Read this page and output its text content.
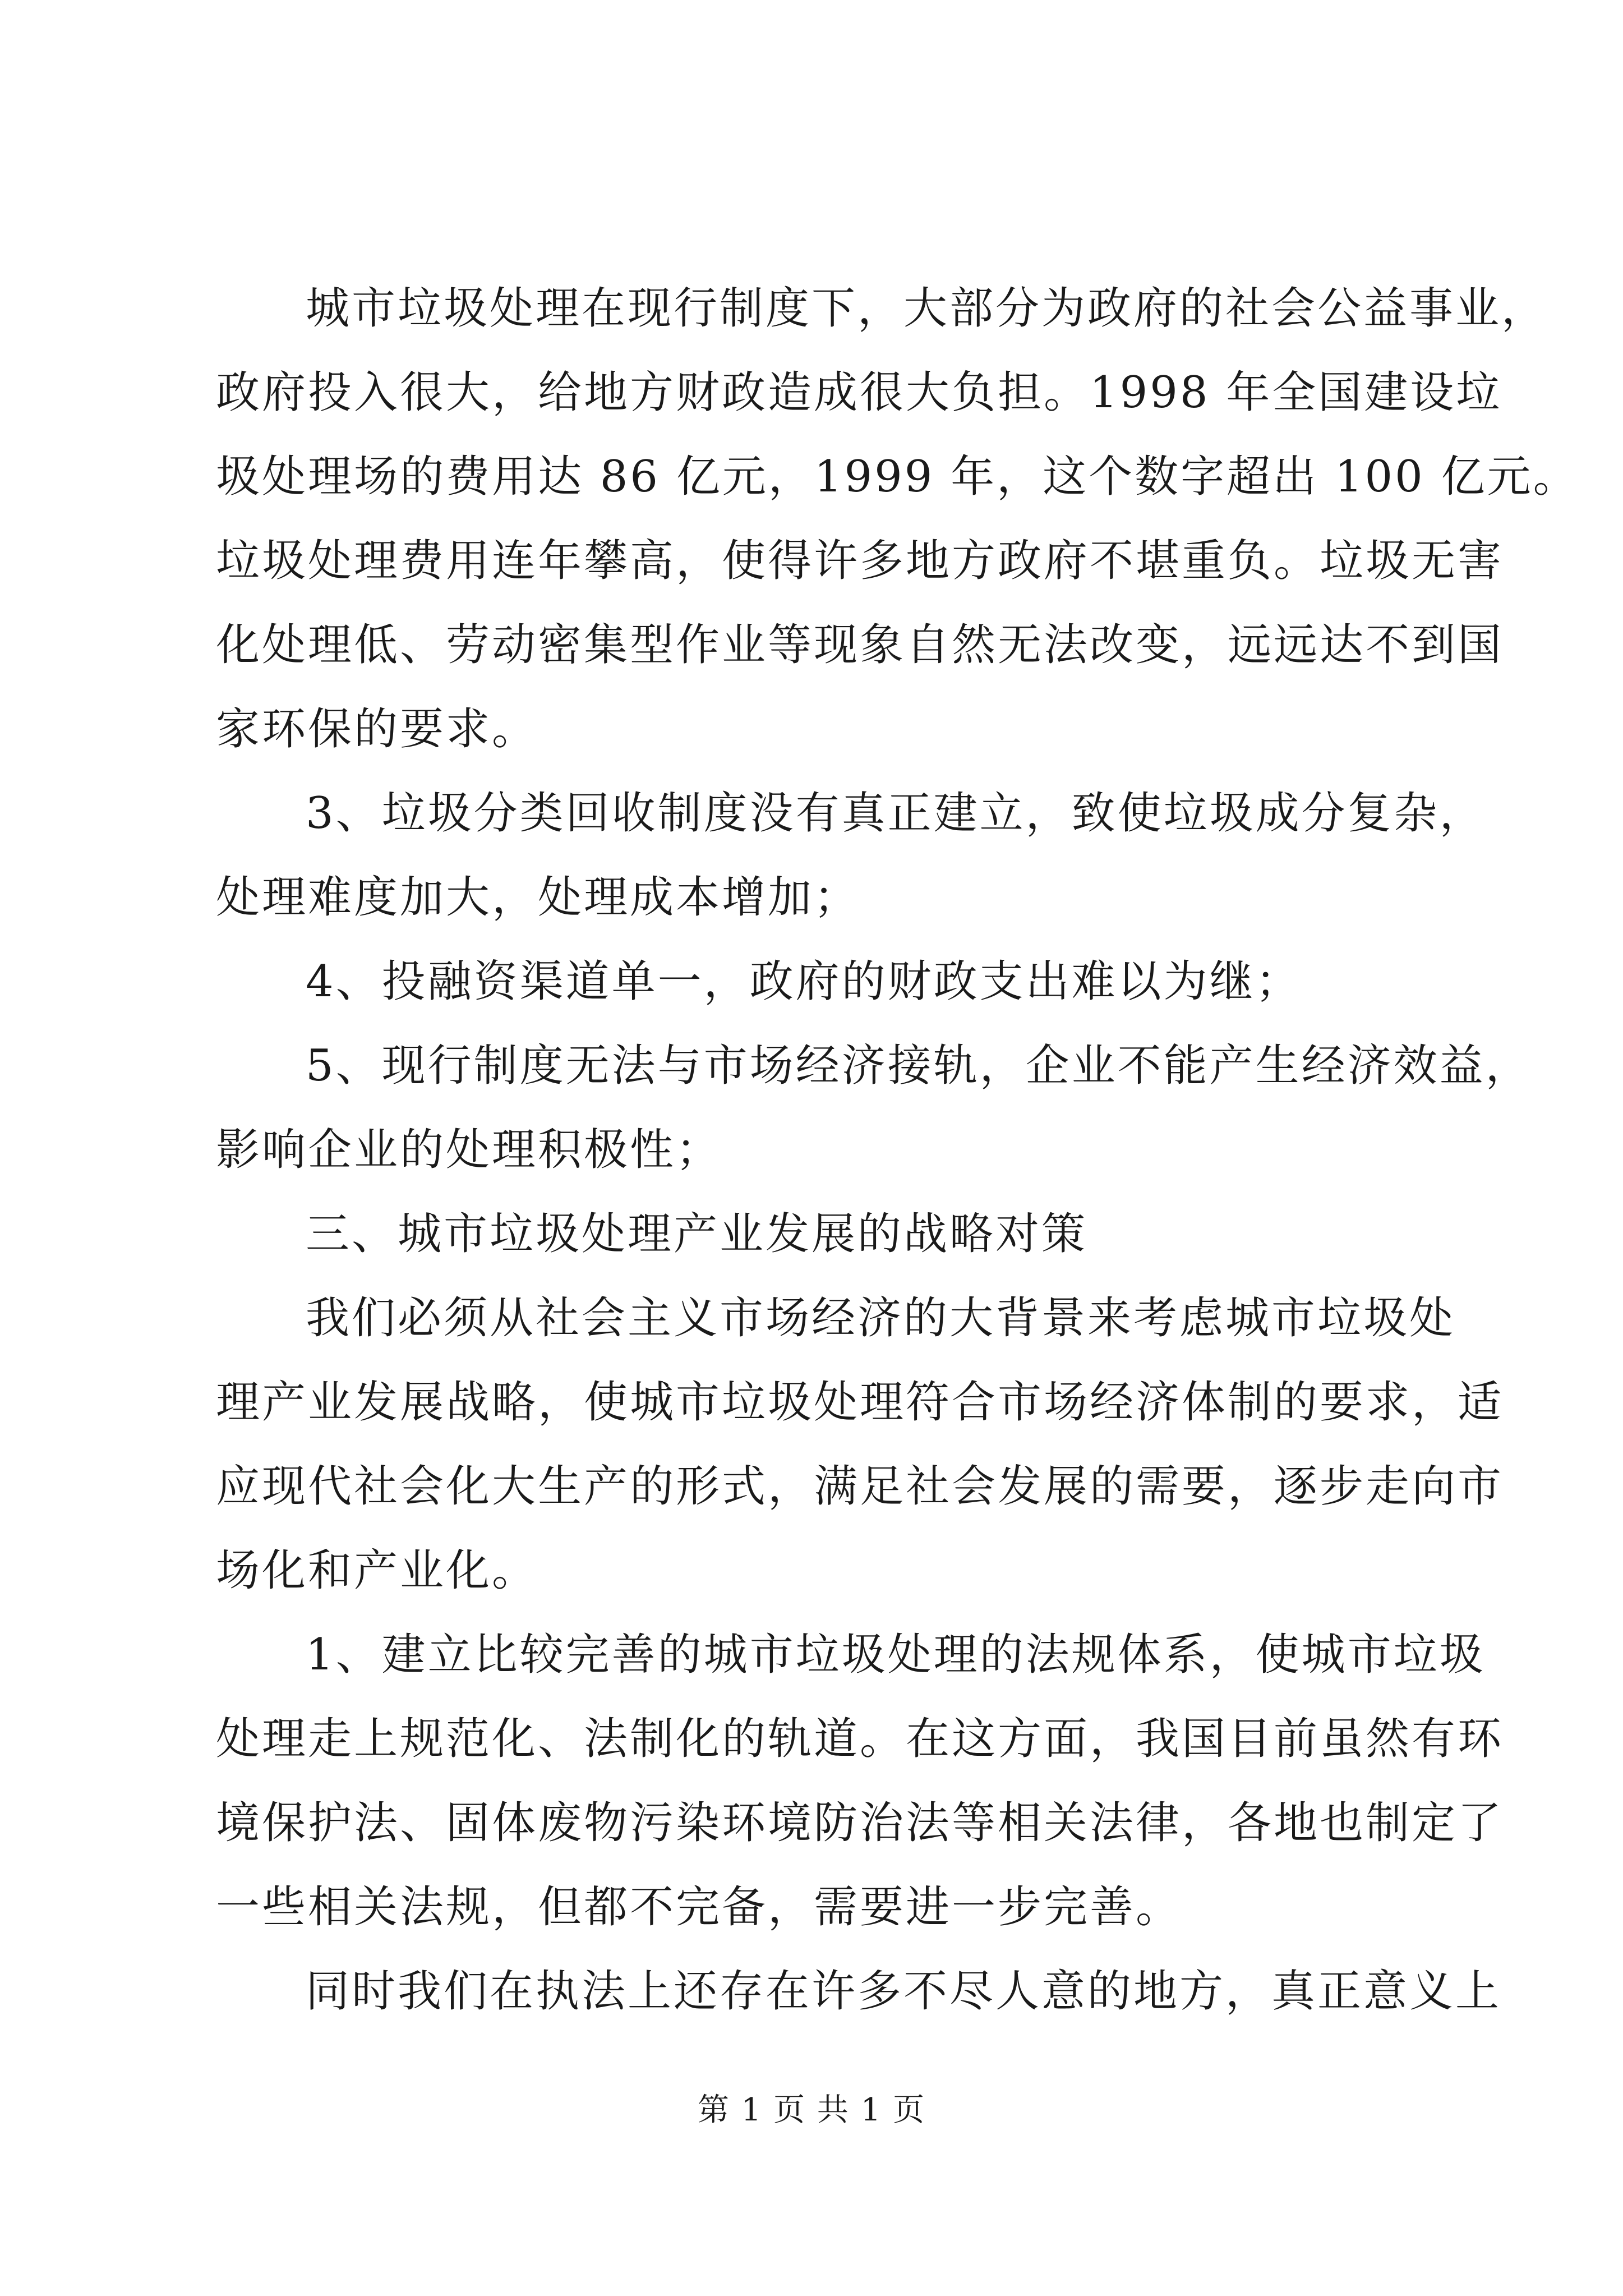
城市垃圾处理在现行制度下，大部分为政府的社会公益事业，
政府投入很大，给地方财政造成很大负担。1998 年全国建设垃
圾处理场的费用达 86 亿元，1999 年，这个数字超出 100 亿元。
垃圾处理费用连年攀高，使得许多地方政府不堪重负。垃圾无害
化处理低、劳动密集型作业等现象自然无法改变，远远达不到国
家环保的要求。
3、垃圾分类回收制度没有真正建立，致使垃圾成分复杂，
处理难度加大，处理成本增加；
4、投融资渠道单一，政府的财政支出难以为继；
5、现行制度无法与市场经济接轨，企业不能产生经济效益，
影响企业的处理积极性；
三、城市垃圾处理产业发展的战略对策
我们必须从社会主义市场经济的大背景来考虑城市垃圾处
理产业发展战略，使城市垃圾处理符合市场经济体制的要求，适
应现代社会化大生产的形式，满足社会发展的需要，逐步走向市
场化和产业化。
1、建立比较完善的城市垃圾处理的法规体系，使城市垃圾
处理走上规范化、法制化的轨道。在这方面，我国目前虽然有环
境保护法、固体废物污染环境防治法等相关法律，各地也制定了
一些相关法规，但都不完备，需要进一步完善。
同时我们在执法上还存在许多不尽人意的地方，真正意义上
第 1 页 共 1 页
